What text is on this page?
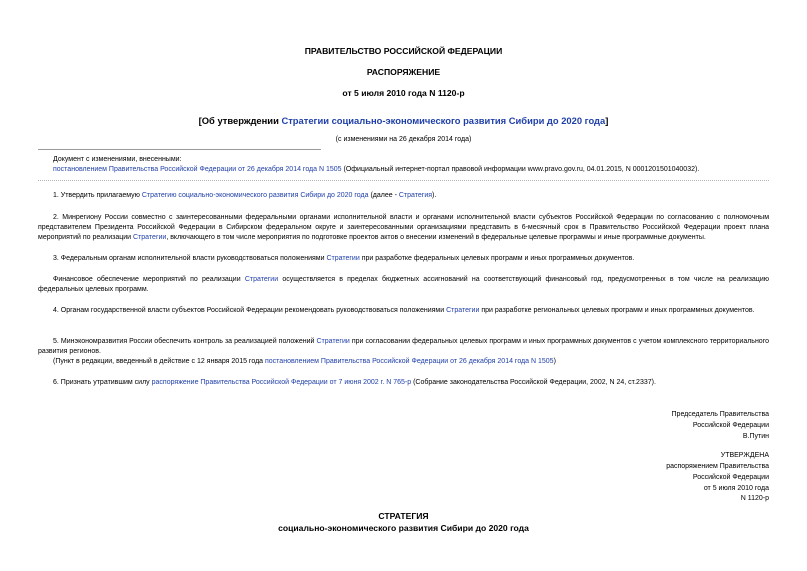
ПРАВИТЕЛЬСТВО РОССИЙСКОЙ ФЕДЕРАЦИИ
РАСПОРЯЖЕНИЕ
от 5 июля 2010 года N 1120-р
[Об утверждении Стратегии социально-экономического развития Сибири до 2020 года]
(с изменениями на 26 декабря 2014 года)
Документ с изменениями, внесенными:
постановлением Правительства Российской Федерации от 26 декабря 2014 года N 1505 (Официальный интернет-портал правовой информации www.pravo.gov.ru, 04.01.2015, N 0001201501040032).
1. Утвердить прилагаемую Стратегию социально-экономического развития Сибири до 2020 года (далее - Стратегия).
2. Минрегиону России совместно с заинтересованными федеральными органами исполнительной власти и органами исполнительной власти субъектов Российской Федерации по согласованию с полномочным представителем Президента Российской Федерации в Сибирском федеральном округе и заинтересованными организациями представить в 6-месячный срок в Правительство Российской Федерации проект плана мероприятий по реализации Стратегии, включающего в том числе мероприятия по подготовке проектов актов о внесении изменений в федеральные целевые программы и иные программные документы.
3. Федеральным органам исполнительной власти руководствоваться положениями Стратегии при разработке федеральных целевых программ и иных программных документов.
Финансовое обеспечение мероприятий по реализации Стратегии осуществляется в пределах бюджетных ассигнований на соответствующий финансовый год, предусмотренных в том числе на реализацию федеральных целевых программ.
4. Органам государственной власти субъектов Российской Федерации рекомендовать руководствоваться положениями Стратегии при разработке региональных целевых программ и иных программных документов.
5. Минэкономразвития России обеспечить контроль за реализацией положений Стратегии при согласовании федеральных целевых программ и иных программных документов с учетом комплексного территориального развития регионов.
(Пункт в редакции, введенный в действие с 12 января 2015 года постановлением Правительства Российской Федерации от 26 декабря 2014 года N 1505)
6. Признать утратившим силу распоряжение Правительства Российской Федерации от 7 июня 2002 г. N 765-р (Собрание законодательства Российской Федерации, 2002, N 24, ст.2337).
Председатель Правительства
Российской Федерации
В.Путин
УТВЕРЖДЕНА
распоряжением Правительства
Российской Федерации
от 5 июля 2010 года
N 1120-р
СТРАТЕГИЯ
социально-экономического развития Сибири до 2020 года
